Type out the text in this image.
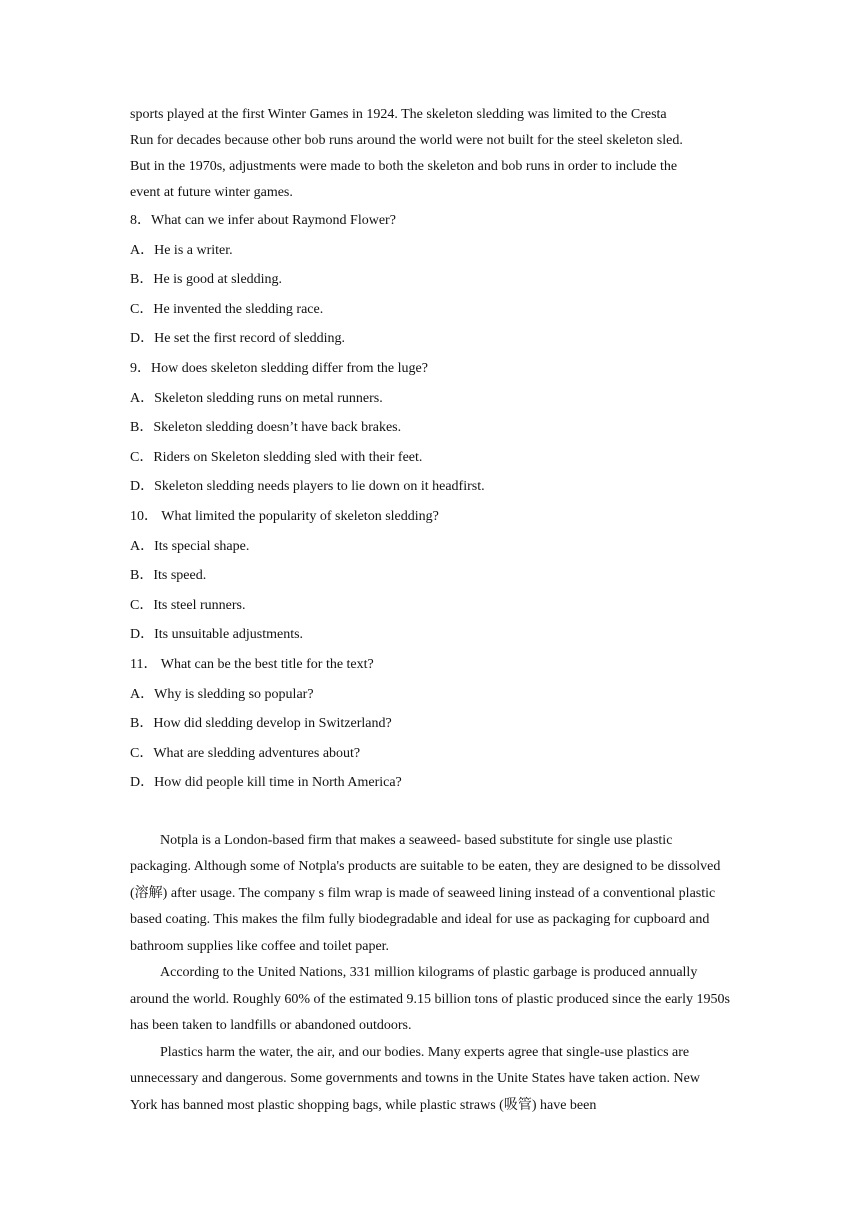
sports played at the first Winter Games in 1924. The skeleton sledding was limited to the Cresta

Run for decades because other bob runs around the world were not built for the steel skeleton sled.

But in the 1970s, adjustments were made to both the skeleton and bob runs in order to include the

event at future winter games.

8．What can we infer about Raymond Flower?

A．He is a writer.

B．He is good at sledding.

C．He invented the sledding race.

D．He set the first record of sledding.

9．How does skeleton sledding differ from the luge?

A．Skeleton sledding runs on metal runners.

B．Skeleton sledding doesn’t have back brakes.

C．Riders on Skeleton sledding sled with their feet.

D．Skeleton sledding needs players to lie down on it headfirst.

10． What limited the popularity of skeleton sledding?

A．Its special shape.

B．Its speed.

C．Its steel runners.

D．Its unsuitable adjustments.

11． What can be the best title for the text?

A．Why is sledding so popular?

B．How did sledding develop in Switzerland?

C．What are sledding adventures about?

D．How did people kill time in North America?

Notpla is a London-based firm that makes a seaweed- based substitute for single use plastic packaging. Although some of Notpla's products are suitable to be eaten, they are designed to be dissolved (溶解) after usage. The company s film wrap is made of seaweed lining instead of a conventional plastic based coating. This makes the film fully biodegradable and ideal for use as packaging for cupboard and bathroom supplies like coffee and toilet paper.

According to the United Nations, 331 million kilograms of plastic garbage is produced annually around the world. Roughly 60% of the estimated 9.15 billion tons of plastic produced since the early 1950s has been taken to landfills or abandoned outdoors.

Plastics harm the water, the air, and our bodies. Many experts agree that single-use plastics are unnecessary and dangerous. Some governments and towns in the Unite States have taken action. New York has banned most plastic shopping bags, while plastic straws (吸管) have been
